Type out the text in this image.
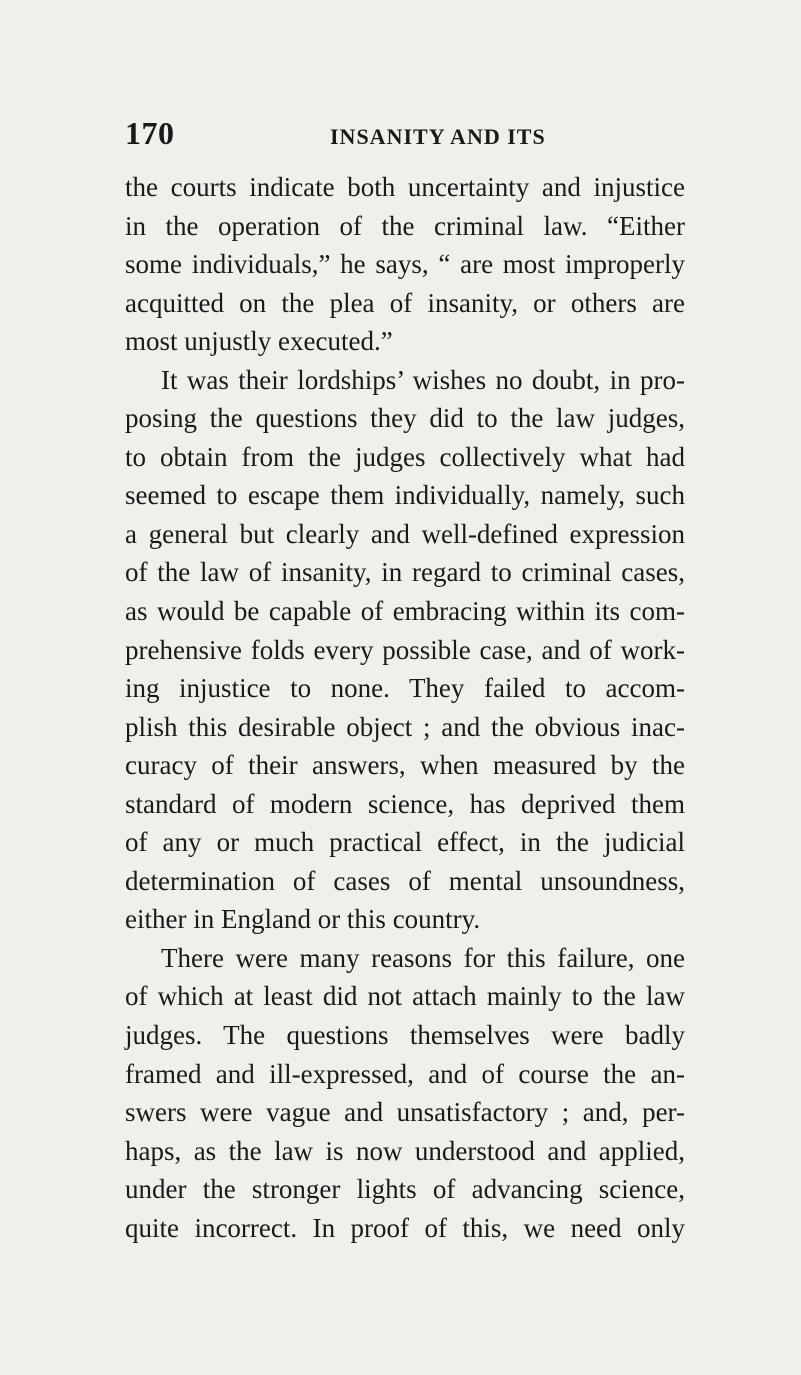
170	INSANITY AND ITS
the courts indicate both uncertainty and injustice
in the operation of the criminal law. “Either
some individuals,” he says, “ are most improperly
acquitted on the plea of insanity, or others are
most unjustly executed.”
It was their lordships’ wishes no doubt, in pro-
posing the questions they did to the law judges,
to obtain from the judges collectively what had
seemed to escape them individually, namely, such
a general but clearly and well-defined expression
of the law of insanity, in regard to criminal cases,
as would be capable of embracing within its com-
prehensive folds every possible case, and of work-
ing injustice to none. They failed to accom-
plish this desirable object ; and the obvious inac-
curacy of their answers, when measured by the
standard of modern science, has deprived them
of any or much practical effect, in the judicial
determination of cases of mental unsoundness,
either in England or this country.
There were many reasons for this failure, one
of which at least did not attach mainly to the law
judges. The questions themselves were badly
framed and ill-expressed, and of course the an-
swers were vague and unsatisfactory ; and, per-
haps, as the law is now understood and applied,
under the stronger lights of advancing science,
quite incorrect. In proof of this, we need only
